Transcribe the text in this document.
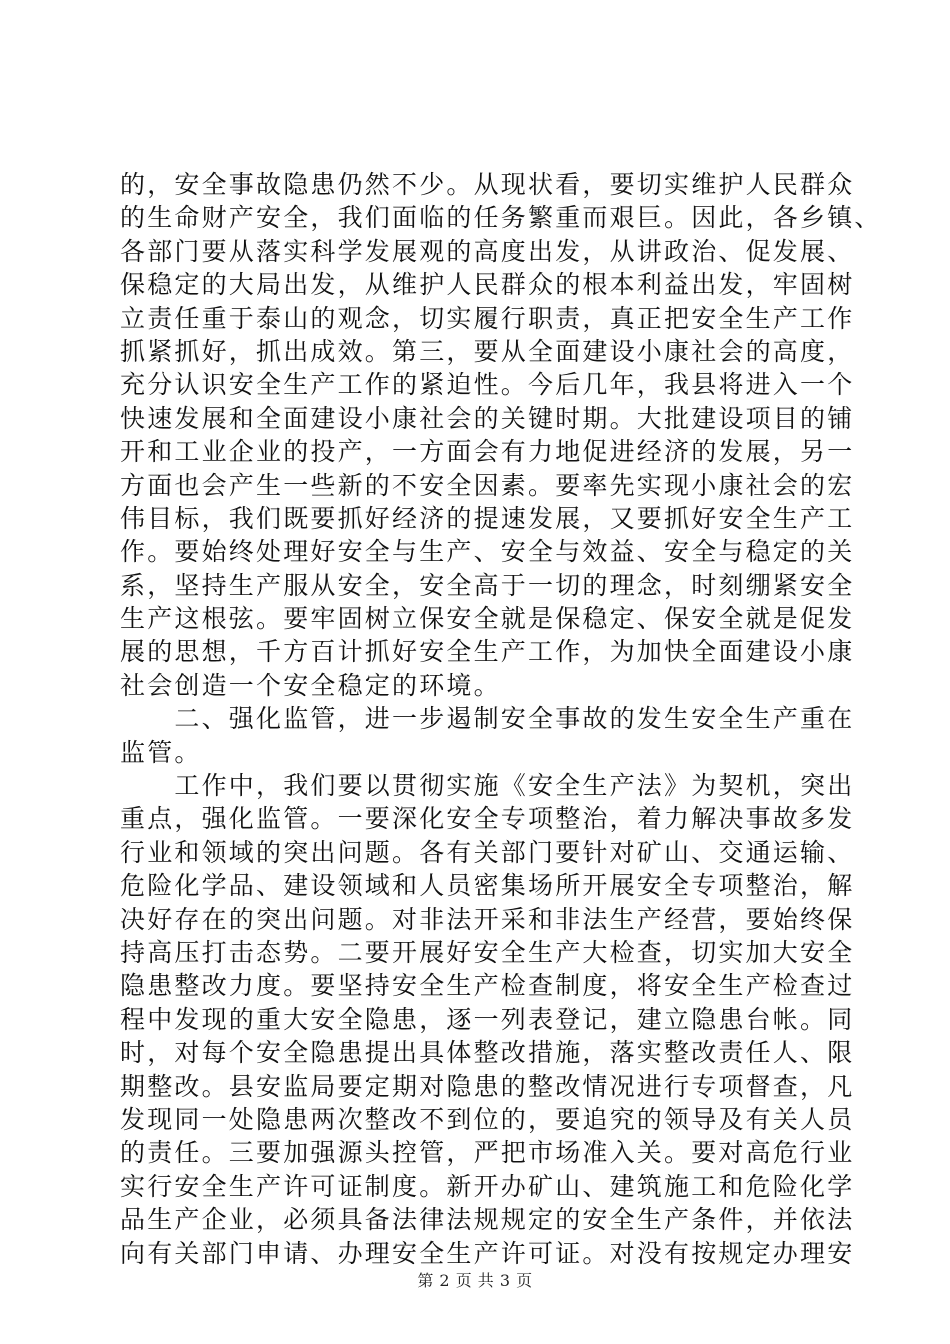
的，安全事故隐患仍然不少。从现状看，要切实维护人民群众
的生命财产安全，我们面临的任务繁重而艰巨。因此，各乡镇、
各部门要从落实科学发展观的高度出发，从讲政治、促发展、
保稳定的大局出发，从维护人民群众的根本利益出发，牢固树
立责任重于泰山的观念，切实履行职责，真正把安全生产工作
抓紧抓好，抓出成效。第三，要从全面建设小康社会的高度，
充分认识安全生产工作的紧迫性。今后几年，我县将进入一个
快速发展和全面建设小康社会的关键时期。大批建设项目的铺
开和工业企业的投产，一方面会有力地促进经济的发展，另一
方面也会产生一些新的不安全因素。要率先实现小康社会的宏
伟目标，我们既要抓好经济的提速发展，又要抓好安全生产工
作。要始终处理好安全与生产、安全与效益、安全与稳定的关
系，坚持生产服从安全，安全高于一切的理念，时刻绷紧安全
生产这根弦。要牢固树立保安全就是保稳定、保安全就是促发
展的思想，千方百计抓好安全生产工作，为加快全面建设小康
社会创造一个安全稳定的环境。
　　二、强化监管，进一步遏制安全事故的发生安全生产重在
监管。
　　工作中，我们要以贯彻实施《安全生产法》为契机，突出
重点，强化监管。一要深化安全专项整治，着力解决事故多发
行业和领域的突出问题。各有关部门要针对矿山、交通运输、
危险化学品、建设领域和人员密集场所开展安全专项整治，解
决好存在的突出问题。对非法开采和非法生产经营，要始终保
持高压打击态势。二要开展好安全生产大检查，切实加大安全
隐患整改力度。要坚持安全生产检查制度，将安全生产检查过
程中发现的重大安全隐患，逐一列表登记，建立隐患台帐。同
时，对每个安全隐患提出具体整改措施，落实整改责任人、限
期整改。县安监局要定期对隐患的整改情况进行专项督查，凡
发现同一处隐患两次整改不到位的，要追究的领导及有关人员
的责任。三要加强源头控管，严把市场准入关。要对高危行业
实行安全生产许可证制度。新开办矿山、建筑施工和危险化学
品生产企业，必须具备法律法规规定的安全生产条件，并依法
向有关部门申请、办理安全生产许可证。对没有按规定办理安
第 2 页 共 3 页
